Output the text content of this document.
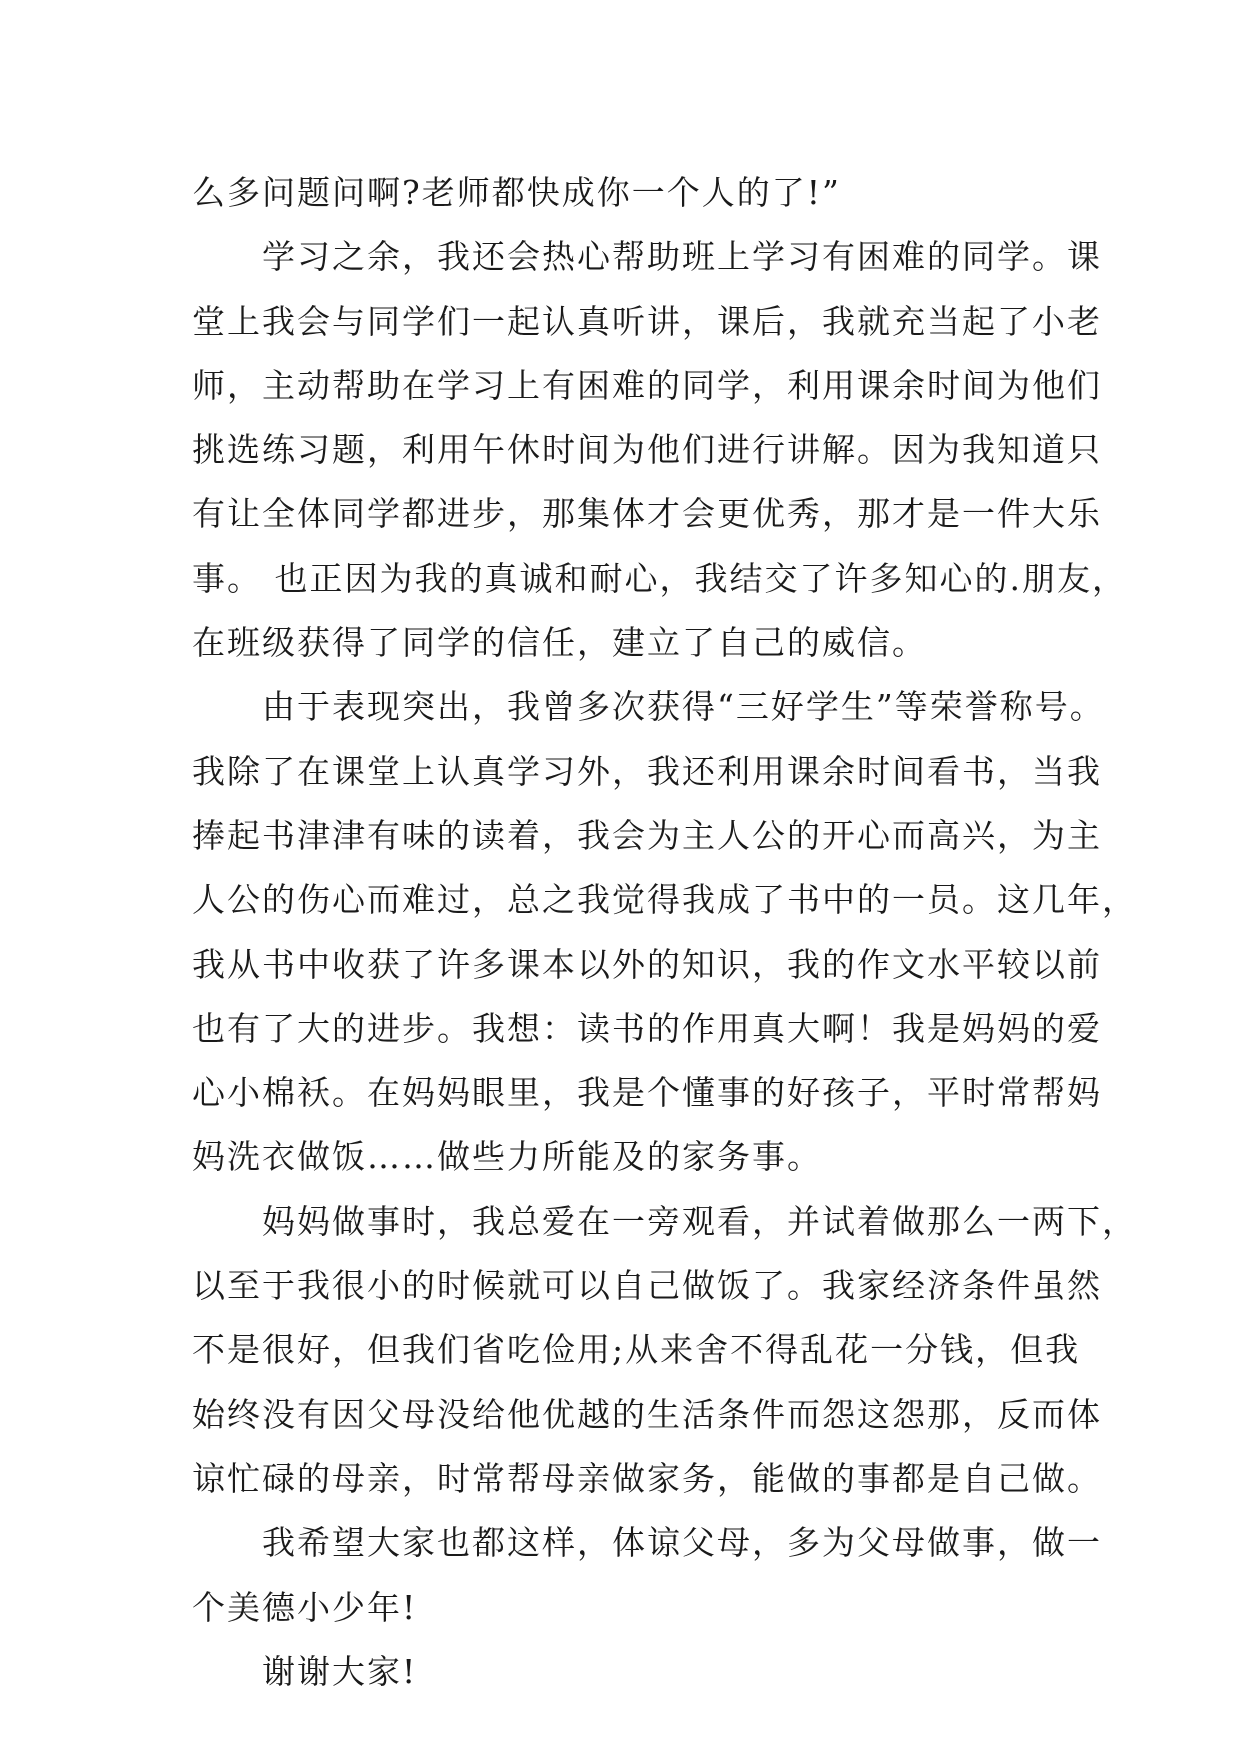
么多问题问啊?老师都快成你一个人的了!”
　　学习之余，我还会热心帮助班上学习有困难的同学。课
堂上我会与同学们一起认真听讲，课后，我就充当起了小老
师，主动帮助在学习上有困难的同学，利用课余时间为他们
挑选练习题，利用午休时间为他们进行讲解。因为我知道只
有让全体同学都进步，那集体才会更优秀，那才是一件大乐
事。 也正因为我的真诚和耐心，我结交了许多知心的.朋友，
在班级获得了同学的信任，建立了自己的威信。
　　由于表现突出，我曾多次获得“三好学生”等荣誉称号。
我除了在课堂上认真学习外，我还利用课余时间看书，当我
捧起书津津有味的读着，我会为主人公的开心而高兴，为主
人公的伤心而难过，总之我觉得我成了书中的一员。这几年，
我从书中收获了许多课本以外的知识，我的作文水平较以前
也有了大的进步。我想：读书的作用真大啊！我是妈妈的爱
心小棉袄。在妈妈眼里，我是个懂事的好孩子，平时常帮妈
妈洗衣做饭……做些力所能及的家务事。
　　妈妈做事时，我总爱在一旁观看，并试着做那么一两下，
以至于我很小的时候就可以自己做饭了。我家经济条件虽然
不是很好，但我们省吃俭用;从来舍不得乱花一分钱，但我
始终没有因父母没给他优越的生活条件而怨这怨那，反而体
谅忙碌的母亲，时常帮母亲做家务，能做的事都是自己做。
　　我希望大家也都这样，体谅父母，多为父母做事，做一
个美德小少年!
　　谢谢大家!
